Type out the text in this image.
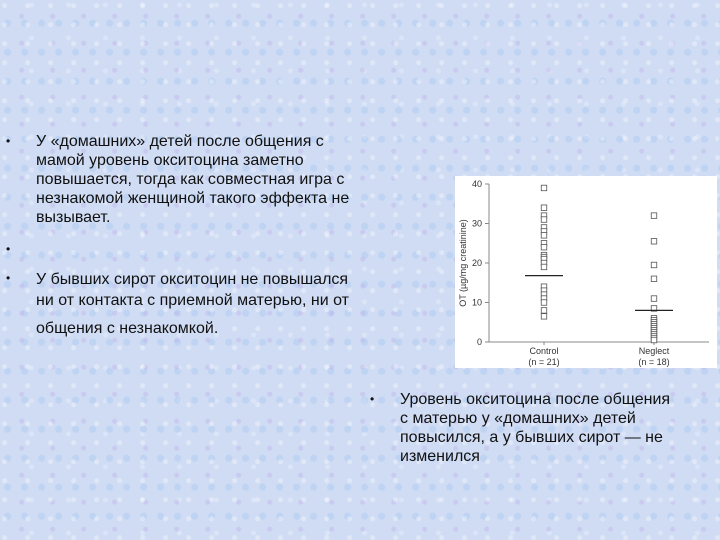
•	У «домашних» детей после общения с
мамой уровень окситоцина заметно
повышается, тогда как совместная игра с
незнакомой женщиной такого эффекта не
вызывает.
•
•	У бывших сирот окситоцин не повышался
ни от контакта с приемной матерью, ни от
общения с незнакомкой.
•	Уровень окситоцина после общения
с матерью у «домашних» детей
повысился, а у бывших сирот — не
изменился
OT (µg/mg creatinine)
0
10
20
30
40
Control
(n = 21)
Neglect
(n = 18)
